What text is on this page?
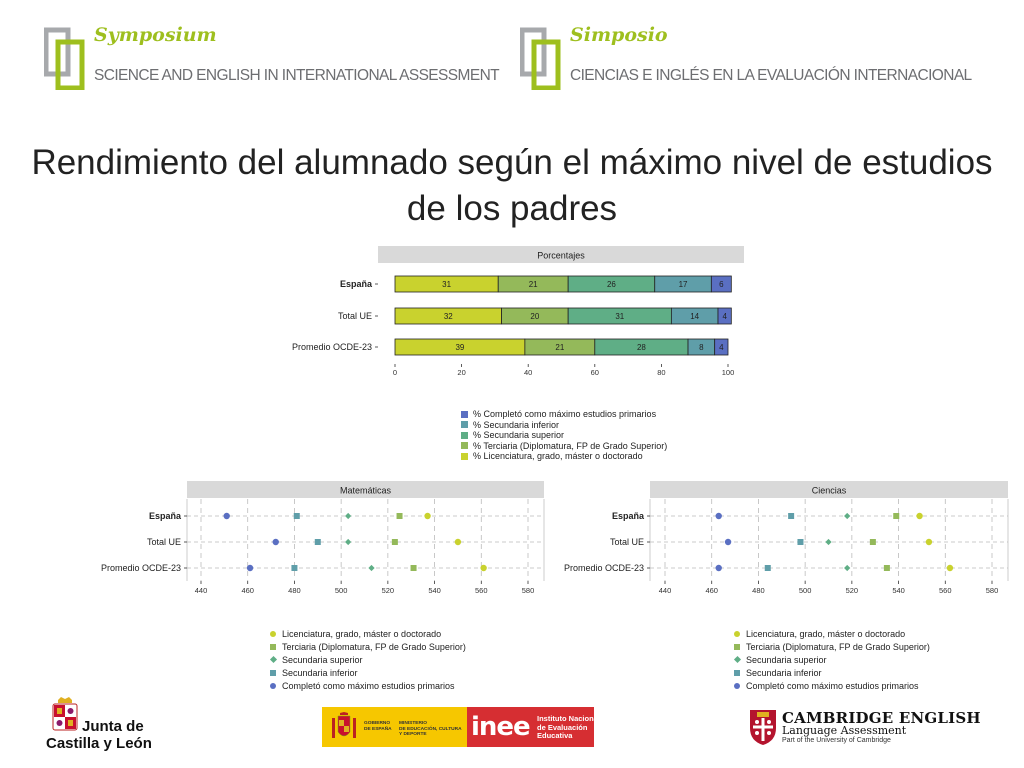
Symposium
SCIENCE AND ENGLISH IN INTERNATIONAL ASSESSMENT
Simposio
CIENCIAS E INGLÉS EN LA EVALUACIÓN INTERNACIONAL
Rendimiento del alumnado según el máximo nivel de estudios
de los padres
Porcentajes
España	31	21	26	17	6
Total UE	32	20	31	14	4
Promedio OCDE-23	39	21	28	8 4
0	20	40	60	80	100
Matemáticas
España
Total UE
Promedio OCDE-23
440	460	480	500	520	540	560	580
Ciencias
España
Total UE
Promedio OCDE-23
440	460	480	500	520	540	560	580
% Completó como máximo estudios primarios
% Secundaria inferior
% Secundaria superior
% Terciaria (Diplomatura, FP de Grado Superior)
% Licenciatura, grado, máster o doctorado
Licenciatura, grado, máster o doctorado
Terciaria (Diplomatura, FP de Grado Superior)
Secundaria superior
Secundaria inferior
Completó como máximo estudios primarios
Licenciatura, grado, máster o doctorado
Terciaria (Diplomatura, FP de Grado Superior)
Secundaria superior
Secundaria inferior
Completó como máximo estudios primarios
Junta de
Castilla y León
GOBIERNO
DE ESPAÑA
MINISTERIO
DE EDUCACIÓN, CULTURA
Y DEPORTE	inee Instituto Nacional
de Evaluación
Educativa
CAMBRIDGE ENGLISH
Language Assessment
Part of the University of Cambridge
